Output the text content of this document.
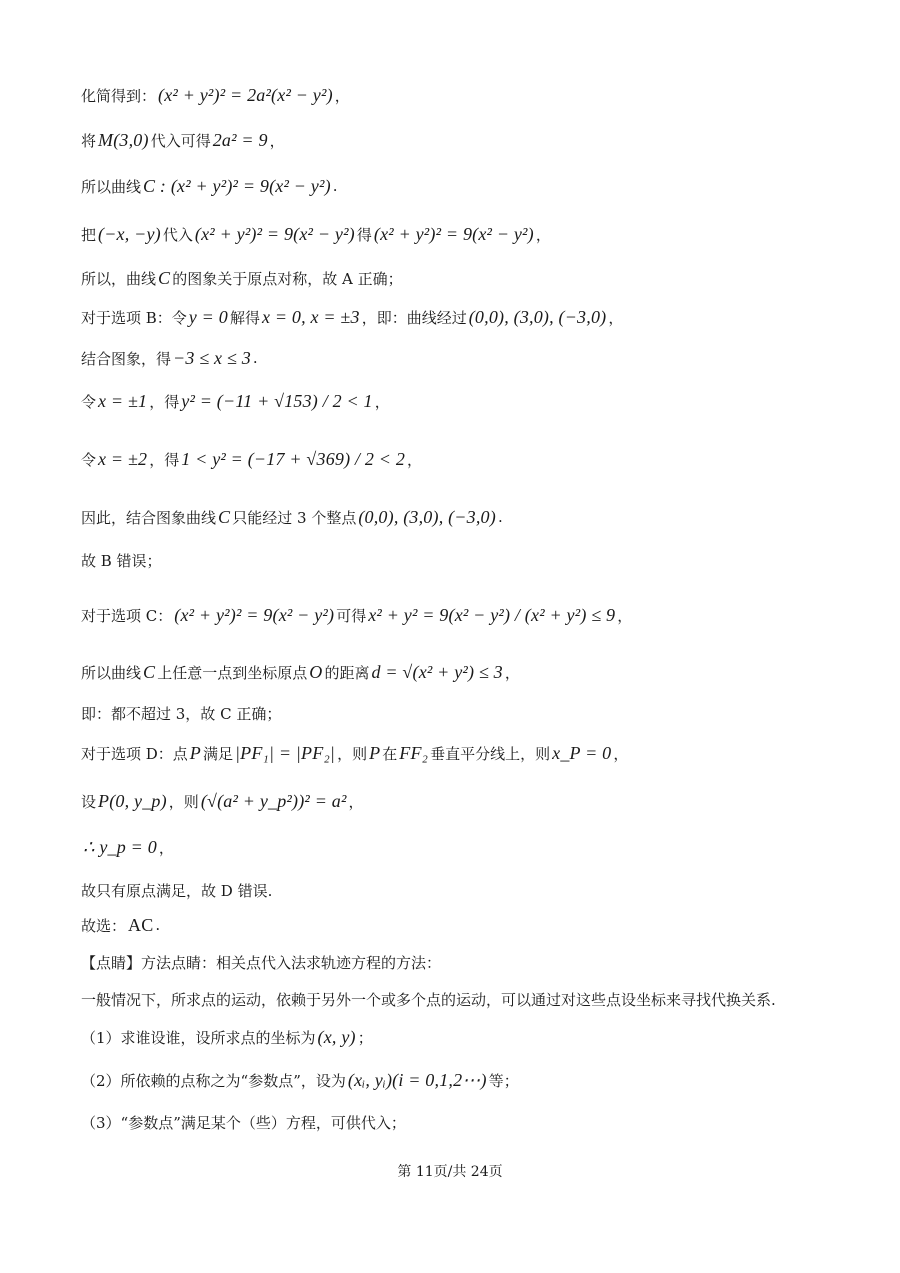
化简得到： (x² + y²)² = 2a²(x² − y²) ，
将 M(3,0) 代入可得 2a² = 9 ，
所以曲线 C : (x² + y²)² = 9(x² − y²) .
把 (−x, −y) 代入 (x² + y²)² = 9(x² − y²) 得 (x² + y²)² = 9(x² − y²) ，
所以，曲线 C 的图象关于原点对称，故 A 正确；
对于选项 B：令 y = 0 解得 x = 0, x = ±3 ，即：曲线经过 (0,0), (3,0), (−3,0) ，
结合图象，得 −3 ≤ x ≤ 3 .
令 x = ±1 ，得 y² = (−11 + √153) / 2 < 1 ，
令 x = ±2 ，得 1 < y² = (−17 + √369) / 2 < 2 ，
因此，结合图象曲线 C 只能经过 3 个整点 (0,0), (3,0), (−3,0) .
故 B 错误；
对于选项 C： (x² + y²)² = 9(x² − y²) 可得 x² + y² = 9(x² − y²) / (x² + y²) ≤ 9 ，
所以曲线 C 上任意一点到坐标原点 O 的距离 d = √(x² + y²) ≤ 3 ，
即：都不超过 3，故 C 正确；
对于选项 D：点 P 满足 |PF₁| = |PF₂| ，则 P 在 FF₂ 垂直平分线上，则 x_P = 0 ，
设 P(0, y_p) ，则 (√(a² + y_p²))² = a² ，
∴ y_p = 0 ，
故只有原点满足，故 D 错误.
故选： AC .
【点睛】方法点睛：相关点代入法求轨迹方程的方法：
一般情况下，所求点的运动，依赖于另外一个或多个点的运动，可以通过对这些点设坐标来寻找代换关系.
（1）求谁设谁，设所求点的坐标为 (x, y) ；
（2）所依赖的点称之为“参数点”，设为 (xᵢ, yᵢ)(i = 0,1,2⋯) 等；
（3）“参数点”满足某个（些）方程，可供代入；
第 11页/共 24页
